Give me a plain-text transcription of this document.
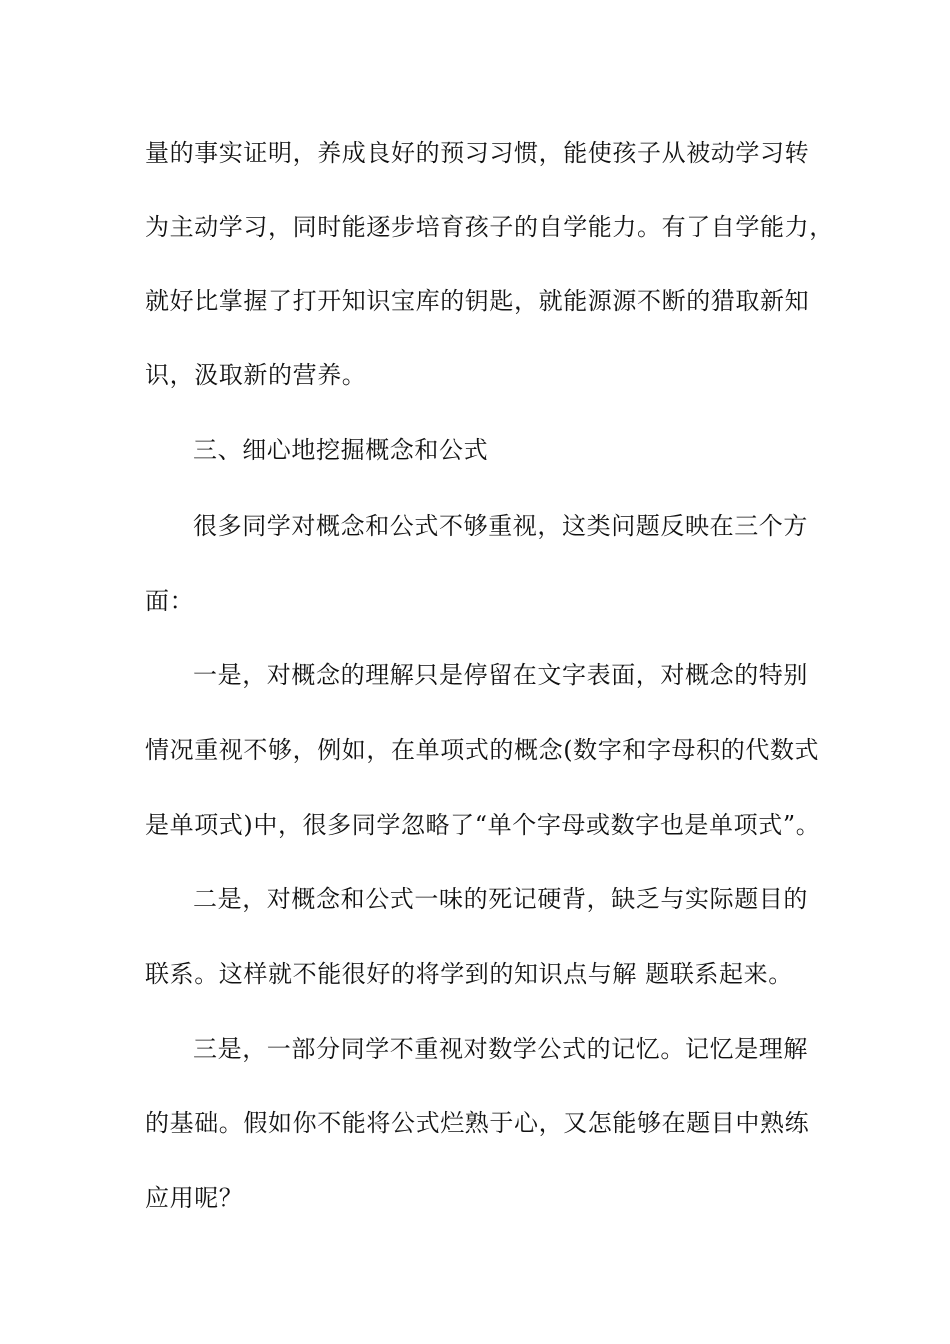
量的事实证明，养成良好的预习习惯，能使孩子从被动学习转
为主动学习，同时能逐步培育孩子的自学能力。有了自学能力，
就好比掌握了打开知识宝库的钥匙，就能源源不断的猎取新知
识，汲取新的营养。
三、细心地挖掘概念和公式
很多同学对概念和公式不够重视，这类问题反映在三个方
面：
一是，对概念的理解只是停留在文字表面，对概念的特别
情况重视不够，例如，在单项式的概念(数字和字母积的代数式
是单项式)中，很多同学忽略了“单个字母或数字也是单项式”。
二是，对概念和公式一味的死记硬背，缺乏与实际题目的
联系。这样就不能很好的将学到的知识点与解 题联系起来。
三是，一部分同学不重视对数学公式的记忆。记忆是理解
的基础。假如你不能将公式烂熟于心，又怎能够在题目中熟练
应用呢？
